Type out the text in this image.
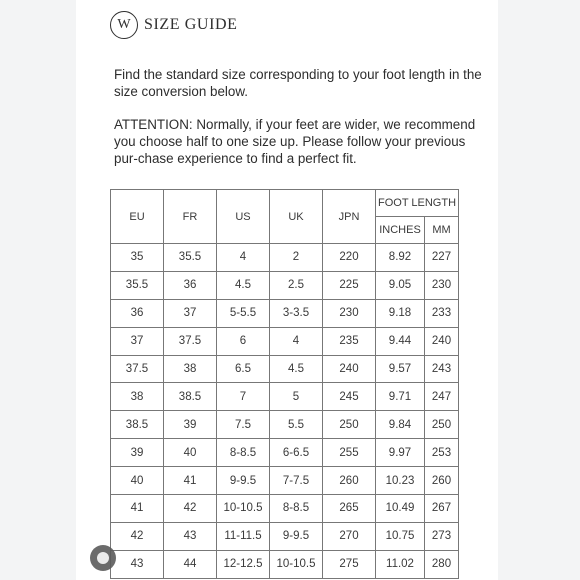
W SIZE GUIDE

Find the standard size corresponding to your foot length in the size conversion below.

ATTENTION: Normally, if your feet are wider, we recommend you choose half to one size up. Please follow your previous pur-chase experience to find a perfect fit.

EU	FR	US	UK	JPN	FOOT LENGTH	
					INCHES	MM
35	35.5	4	2	220	8.92	227
35.5	36	4.5	2.5	225	9.05	230
36	37	5-5.5	3-3.5	230	9.18	233
37	37.5	6	4	235	9.44	240
37.5	38	6.5	4.5	240	9.57	243
38	38.5	7	5	245	9.71	247
38.5	39	7.5	5.5	250	9.84	250
39	40	8-8.5	6-6.5	255	9.97	253
40	41	9-9.5	7-7.5	260	10.23	260
41	42	10-10.5	8-8.5	265	10.49	267
42	43	11-11.5	9-9.5	270	10.75	273
43	44	12-12.5	10-10.5	275	11.02	280
